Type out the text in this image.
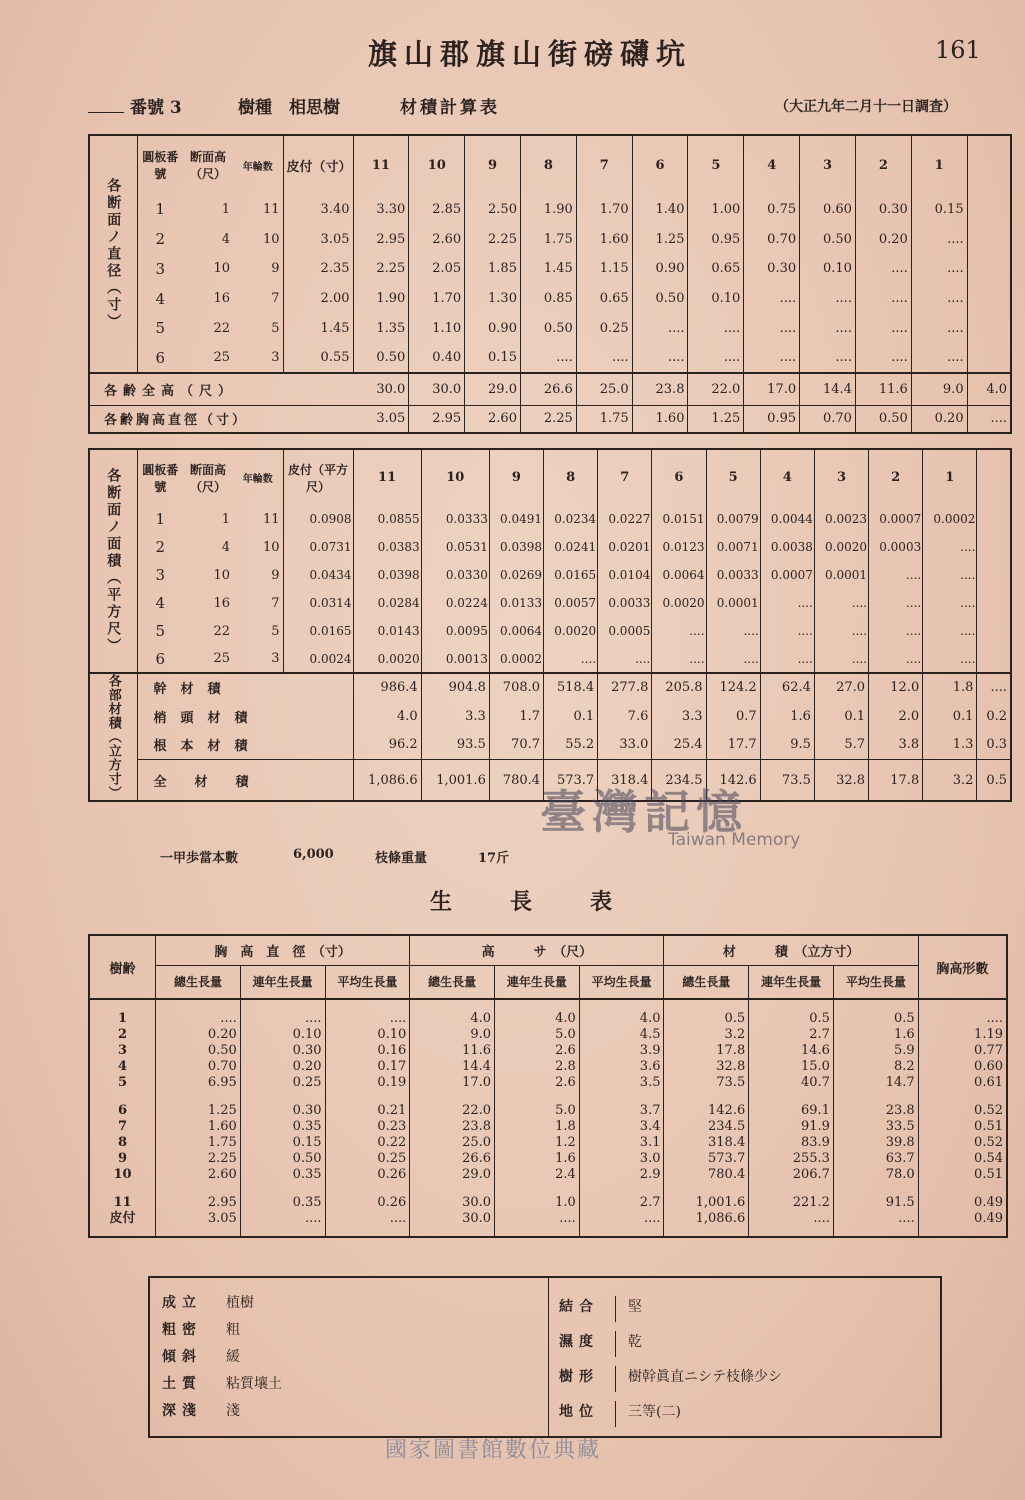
旗山郡旗山街磅礴坑	161
番號 3	樹種　相思樹	材積計算表	（大正九年二月十一日調査）
各断面ノ直径（寸）	圓板番號	断面高（尺）	年輪数	皮付（寸）	11	10	9	8	7	6	5	4	3	2	1	
	1	1	11	3.40	3.30	2.85	2.50	1.90	1.70	1.40	1.00	0.75	0.60	0.30	0.15	
	2	4	10	3.05	2.95	2.60	2.25	1.75	1.60	1.25	0.95	0.70	0.50	0.20	....	
	3	10	9	2.35	2.25	2.05	1.85	1.45	1.15	0.90	0.65	0.30	0.10	....	....	
	4	16	7	2.00	1.90	1.70	1.30	0.85	0.65	0.50	0.10	....	....	....	....	
	5	22	5	1.45	1.35	1.10	0.90	0.50	0.25	....	....	....	....	....	....	
	6	25	3	0.55	0.50	0.40	0.15	....	....	....	....	....	....	....	....	
各齢全高（尺）					30.0	30.0	29.0	26.6	25.0	23.8	22.0	17.0	14.4	11.6	9.0	4.0
各齢胸高直徑（寸）					3.05	2.95	2.60	2.25	1.75	1.60	1.25	0.95	0.70	0.50	0.20	....
各断面ノ面積（平方尺）	圓板番號	断面高（尺）	年輪数	皮付（平方尺）	11	10	9	8	7	6	5	4	3	2	1	
	1	1	11	0.0908	0.0855	0.0333	0.0491	0.0234	0.0227	0.0151	0.0079	0.0044	0.0023	0.0007	0.0002	
	2	4	10	0.0731	0.0383	0.0531	0.0398	0.0241	0.0201	0.0123	0.0071	0.0038	0.0020	0.0003	....	
	3	10	9	0.0434	0.0398	0.0330	0.0269	0.0165	0.0104	0.0064	0.0033	0.0007	0.0001	....	....	
	4	16	7	0.0314	0.0284	0.0224	0.0133	0.0057	0.0033	0.0020	0.0001	....	....	....	....	
	5	22	5	0.0165	0.0143	0.0095	0.0064	0.0020	0.0005	....	....	....	....	....	....	
	6	25	3	0.0024	0.0020	0.0013	0.0002	....	....	....	....	....	....	....	....	
各部材積（立方寸）	幹材積				986.4	904.8	708.0	518.4	277.8	205.8	124.2	62.4	27.0	12.0	1.8	....
	梢頭材積				4.0	3.3	1.7	0.1	7.6	3.3	0.7	1.6	0.1	2.0	0.1	0.2
	根本材積				96.2	93.5	70.7	55.2	33.0	25.4	17.7	9.5	5.7	3.8	1.3	0.3
	全材積				1,086.6	1,001.6	780.4	573.7	318.4	234.5	142.6	73.5	32.8	17.8	3.2	0.5
一甲歩當本數	6,000	枝條重量	17斤
生長表
樹齢	胸　高　直　徑　（寸）			高　　　サ　（尺）			材　　　積　（立方寸）			胸高形數
	總生長量	連年生長量	平均生長量	總生長量	連年生長量	平均生長量	總生長量	連年生長量	平均生長量	

1	....	....	....	4.0	4.0	4.0	0.5	0.5	0.5	....
2	0.20	0.10	0.10	9.0	5.0	4.5	3.2	2.7	1.6	1.19
3	0.50	0.30	0.16	11.6	2.6	3.9	17.8	14.6	5.9	0.77
4	0.70	0.20	0.17	14.4	2.8	3.6	32.8	15.0	8.2	0.60
5	6.95	0.25	0.19	17.0	2.6	3.5	73.5	40.7	14.7	0.61
6	1.25	0.30	0.21	22.0	5.0	3.7	142.6	69.1	23.8	0.52
7	1.60	0.35	0.23	23.8	1.8	3.4	234.5	91.9	33.5	0.51
8	1.75	0.15	0.22	25.0	1.2	3.1	318.4	83.9	39.8	0.52
9	2.25	0.50	0.25	26.6	1.6	3.0	573.7	255.3	63.7	0.54
10	2.60	0.35	0.26	29.0	2.4	2.9	780.4	206.7	78.0	0.51
11	2.95	0.35	0.26	30.0	1.0	2.7	1,001.6	221.2	91.5	0.49
皮付	3.05	....	....	30.0	....	....	1,086.6	....	....	0.49

成立 植樹
粗密 粗
傾斜 緩
土質 粘質壤土
深淺 淺
結合 堅
濕度 乾
樹形 樹幹眞直ニシテ枝條少シ
地位 三等(二)
臺灣記憶
Taiwan Memory
國家圖書館數位典藏
